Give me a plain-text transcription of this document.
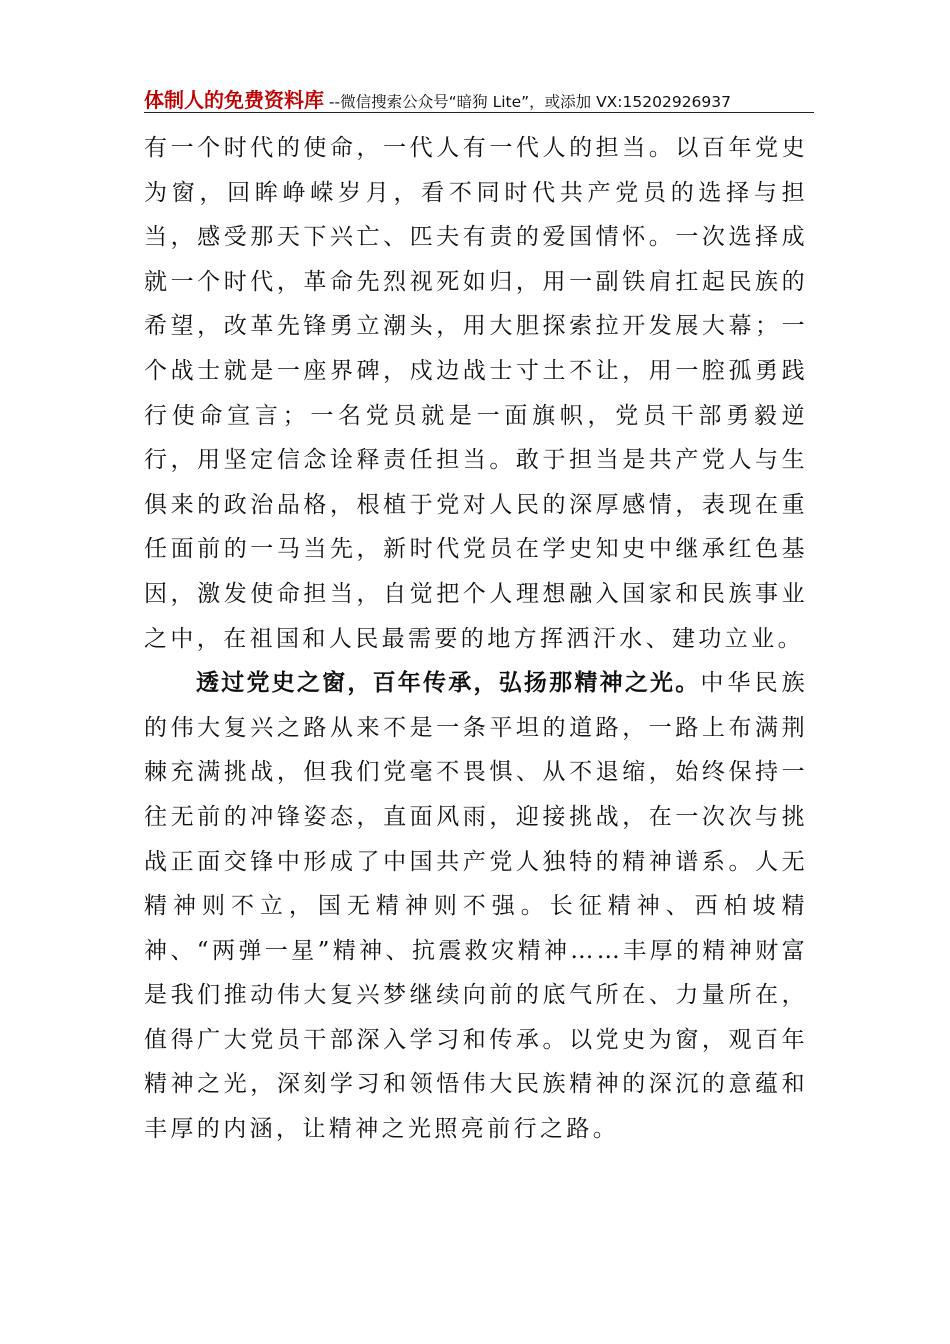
体制人的免费资料库 --微信搜索公众号“暗狗 Lite”，或添加 VX:15202926937

有一个时代的使命，一代人有一代人的担当。以百年党史为窗，回眸峥嵘岁月，看不同时代共产党员的选择与担当，感受那天下兴亡、匹夫有责的爱国情怀。一次选择成就一个时代，革命先烈视死如归，用一副铁肩扛起民族的希望，改革先锋勇立潮头，用大胆探索拉开发展大幕；一个战士就是一座界碑，戍边战士寸土不让，用一腔孤勇践行使命宣言；一名党员就是一面旗帜，党员干部勇毅逆行，用坚定信念诠释责任担当。敢于担当是共产党人与生俱来的政治品格，根植于党对人民的深厚感情，表现在重任面前的一马当先，新时代党员在学史知史中继承红色基因，激发使命担当，自觉把个人理想融入国家和民族事业之中，在祖国和人民最需要的地方挥洒汗水、建功立业。

透过党史之窗，百年传承，弘扬那精神之光。中华民族的伟大复兴之路从来不是一条平坦的道路，一路上布满荆棘充满挑战，但我们党毫不畏惧、从不退缩，始终保持一往无前的冲锋姿态，直面风雨，迎接挑战，在一次次与挑战正面交锋中形成了中国共产党人独特的精神谱系。人无精神则不立，国无精神则不强。长征精神、西柏坡精神、“两弹一星”精神、抗震救灾精神……丰厚的精神财富是我们推动伟大复兴梦继续向前的底气所在、力量所在，值得广大党员干部深入学习和传承。以党史为窗，观百年精神之光，深刻学习和领悟伟大民族精神的深沉的意蕴和丰厚的内涵，让精神之光照亮前行之路。
